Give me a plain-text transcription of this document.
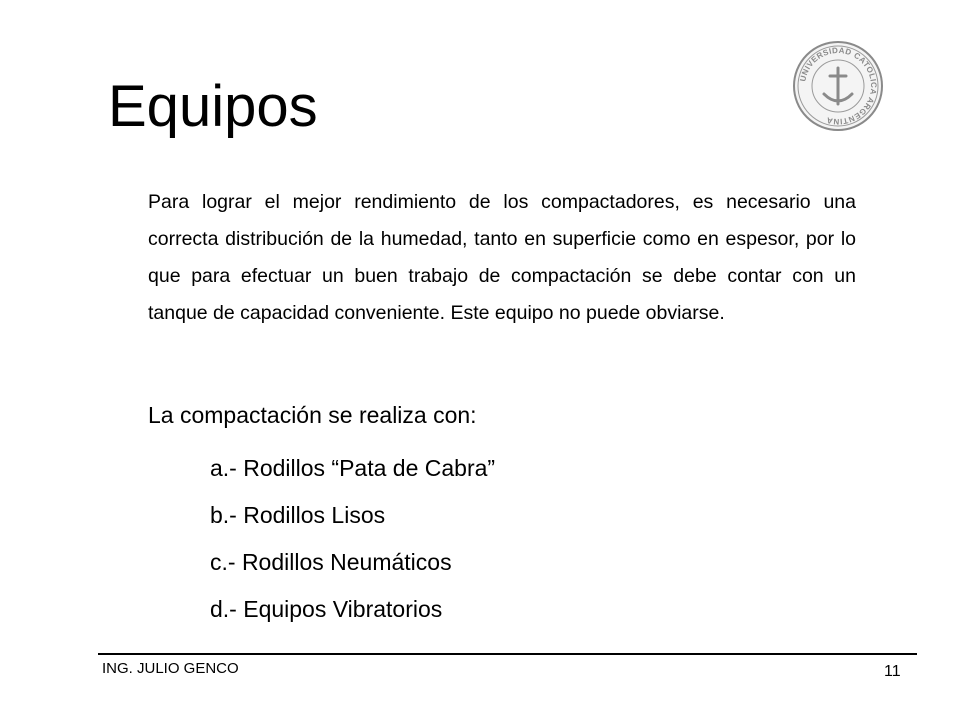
Equipos	UNIVERSIDAD CATOLICA ARGENTINA

Para lograr el mejor rendimiento de los compactadores, es necesario una correcta distribución de la humedad, tanto en superficie como en espesor, por lo que para efectuar un buen trabajo de compactación se debe contar con un tanque de capacidad conveniente. Este equipo no puede obviarse.

La compactación se realiza con:

a.- Rodillos “Pata de Cabra”
b.- Rodillos Lisos
c.- Rodillos Neumáticos
d.- Equipos Vibratorios
ING. JULIO GENCO	11
